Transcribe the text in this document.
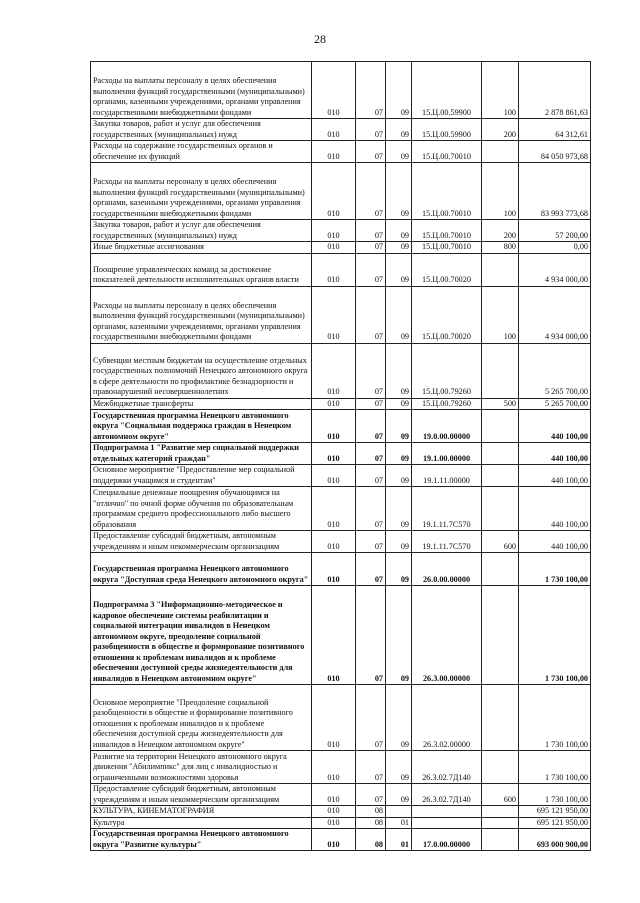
28
Расходы на выплаты персоналу в целях обеспечения выполнения функций государственными (муниципальными) органами, казенными учреждениями, органами управления государственными внебюджетными фондами	010	07	09	15.Ц.00.59900	100	2 878 861,63
Закупка товаров, работ и услуг для обеспечения государственных (муниципальных) нужд	010	07	09	15.Ц.00.59900	200	64 312,61
Расходы на содержание государственных органов и обеспечение их функций	010	07	09	15.Ц.00.70010		84 050 973,68
Расходы на выплаты персоналу в целях обеспечения выполнения функций государственными (муниципальными) органами, казенными учреждениями, органами управления государственными внебюджетными фондами	010	07	09	15.Ц.00.70010	100	83 993 773,68
Закупка товаров, работ и услуг для обеспечения государственных (муниципальных) нужд	010	07	09	15.Ц.00.70010	200	57 200,00
Иные бюджетные ассигнования	010	07	09	15.Ц.00.70010	800	0,00
Поощрение управленческих команд за достижение показателей деятельности исполнительных органов власти	010	07	09	15.Ц.00.70020		4 934 000,00
Расходы на выплаты персоналу в целях обеспечения выполнения функций государственными (муниципальными) органами, казенными учреждениями, органами управления государственными внебюджетными фондами	010	07	09	15.Ц.00.70020	100	4 934 000,00
Субвенции местным бюджетам на осуществление отдельных государственных полномочий Ненецкого автономного округа в сфере деятельности по профилактике безнадзорности и правонарушений несовершеннолетних	010	07	09	15.Ц.00.79260		5 265 700,00
Межбюджетные трансферты	010	07	09	15.Ц.00.79260	500	5 265 700,00
Государственная программа Ненецкого автономного округа "Социальная поддержка граждан в Ненецком автономном округе"	010	07	09	19.0.00.00000		440 100,00
Подпрограмма 1 "Развитие мер социальной поддержки отдельных категорий граждан"	010	07	09	19.1.00.00000		440 100,00
Основное мероприятие "Предоставление мер социальной поддержки учащимся и студентам"	010	07	09	19.1.11.00000		440 100,00
Специальные денежные поощрения обучающимся на "отлично" по очной форме обучения по образовательным программам среднего профессионального либо высшего образования	010	07	09	19.1.11.7С570		440 100,00
Предоставление субсидий бюджетным, автономным учреждениям и иным некоммерческим организациям	010	07	09	19.1.11.7С570	600	440 100,00
Государственная программа Ненецкого автономного округа "Доступная среда Ненецкого автономного округа"	010	07	09	26.0.00.00000		1 730 100,00
Подпрограмма 3 "Информационно-методическое и кадровое обеспечение системы реабилитации и социальной интеграции инвалидов в Ненецком автономном округе, преодоление социальной разобщенности в обществе и формирование позитивного отношения к проблемам инвалидов и к проблеме обеспечения доступной среды жизнедеятельности для инвалидов в Ненецком автономном округе"	010	07	09	26.3.00.00000		1 730 100,00
Основное мероприятие "Преодоление социальной разобщенности в обществе и формирование позитивного отношения к проблемам инвалидов и к проблеме обеспечения доступной среды жизнедеятельности для инвалидов в Ненецком автономном округе"	010	07	09	26.3.02.00000		1 730 100,00
Развитие на территории Ненецкого автономного округа движения "Абилимпикс" для лиц с инвалидностью и ограниченными возможностями здоровья	010	07	09	26.3.02.7Д140		1 730 100,00
Предоставление субсидий бюджетным, автономным учреждениям и иным некоммерческим организациям	010	07	09	26.3.02.7Д140	600	1 730 100,00
КУЛЬТУРА, КИНЕМАТОГРАФИЯ	010	08				695 121 950,00
Культура	010	08	01			695 121 950,00
Государственная программа Ненецкого автономного округа "Развитие культуры"	010	08	01	17.0.00.00000		693 000 900,00
